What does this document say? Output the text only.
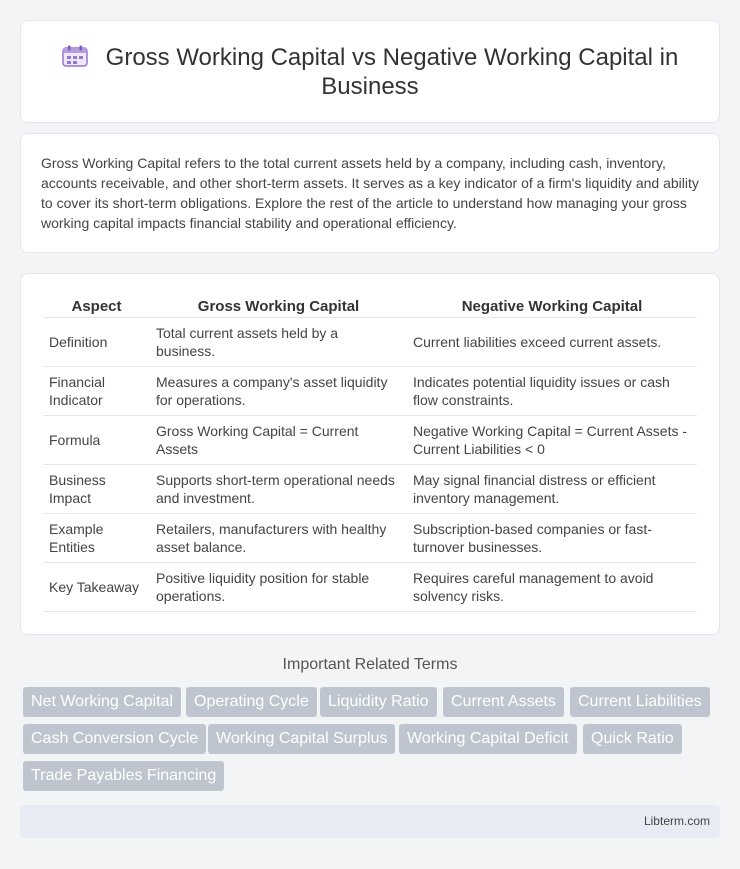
Gross Working Capital vs Negative Working Capital in Business

Gross Working Capital refers to the total current assets held by a company, including cash, inventory, accounts receivable, and other short-term assets. It serves as a key indicator of a firm's liquidity and ability to cover its short-term obligations. Explore the rest of the article to understand how managing your gross working capital impacts financial stability and operational efficiency.

Aspect	Gross Working Capital	Negative Working Capital
Definition	Total current assets held by a business.	Current liabilities exceed current assets.
Financial Indicator	Measures a company's asset liquidity for operations.	Indicates potential liquidity issues or cash flow constraints.
Formula	Gross Working Capital = Current Assets	Negative Working Capital = Current Assets - Current Liabilities < 0
Business Impact	Supports short-term operational needs and investment.	May signal financial distress or efficient inventory management.
Example Entities	Retailers, manufacturers with healthy asset balance.	Subscription-based companies or fast-turnover businesses.
Key Takeaway	Positive liquidity position for stable operations.	Requires careful management to avoid solvency risks.
Important Related Terms
Net Working Capital	Operating Cycle	Liquidity Ratio	Current Assets	Current Liabilities
Cash Conversion Cycle	Working Capital Surplus	Working Capital Deficit	Quick Ratio
Trade Payables Financing
Libterm.com
